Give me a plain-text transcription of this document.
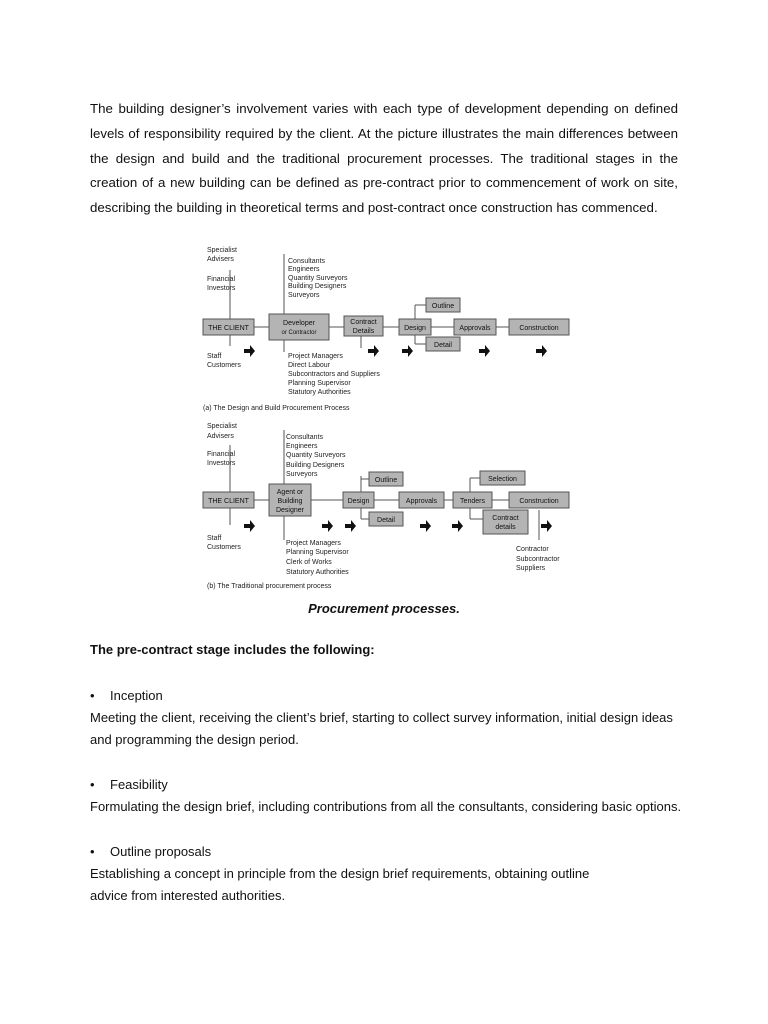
The building designer’s involvement varies with each type of development depending on defined levels of responsibility required by the client. At the picture illustrates the main differences between the design and build and the traditional procurement processes. The traditional stages in the creation of a new building can be defined as pre-contract prior to commencement of work on site, describing the building in theoretical terms and post-contract once construction has commenced.

Specialist
Advisers
Financial
Investors
Consultants
Engineers
Quantity Surveyors
Building Designers
Surveyors
Staff
Customers
Project Managers
Direct Labour
Subcontractors and Suppliers
Planning Supervisor
Statutory Authorities
(a) The Design and Build Procurement Process
Specialist
Advisers
Financial
Investors
Consultants
Engineers
Quantity Surveyors
Building Designers
Surveyors
Staff
Customers
Project Managers
Planning Supervisor
Clerk of Works
Statutory Authorities
Contractor
Subcontractor
Suppliers
(b) The Traditional procurement process
THE CLIENT
Developer
or Contractor
Contract
Details	Design
Outline
Detail
Approvals	Construction
THE CLIENT
Agent or
Building
Designer
Design
Outline
Detail
Approvals	Tenders
Selection
Contract
details
Construction

Procurement processes.

The pre-contract stage includes the following:

• Inception

Meeting the client, receiving the client’s brief, starting to collect survey information, initial design ideas and programming the design period.

• Feasibility

Formulating the design brief, including contributions from all the consultants, considering basic options.

• Outline proposals

Establishing a concept in principle from the design brief requirements, obtaining outline
advice from interested authorities.
